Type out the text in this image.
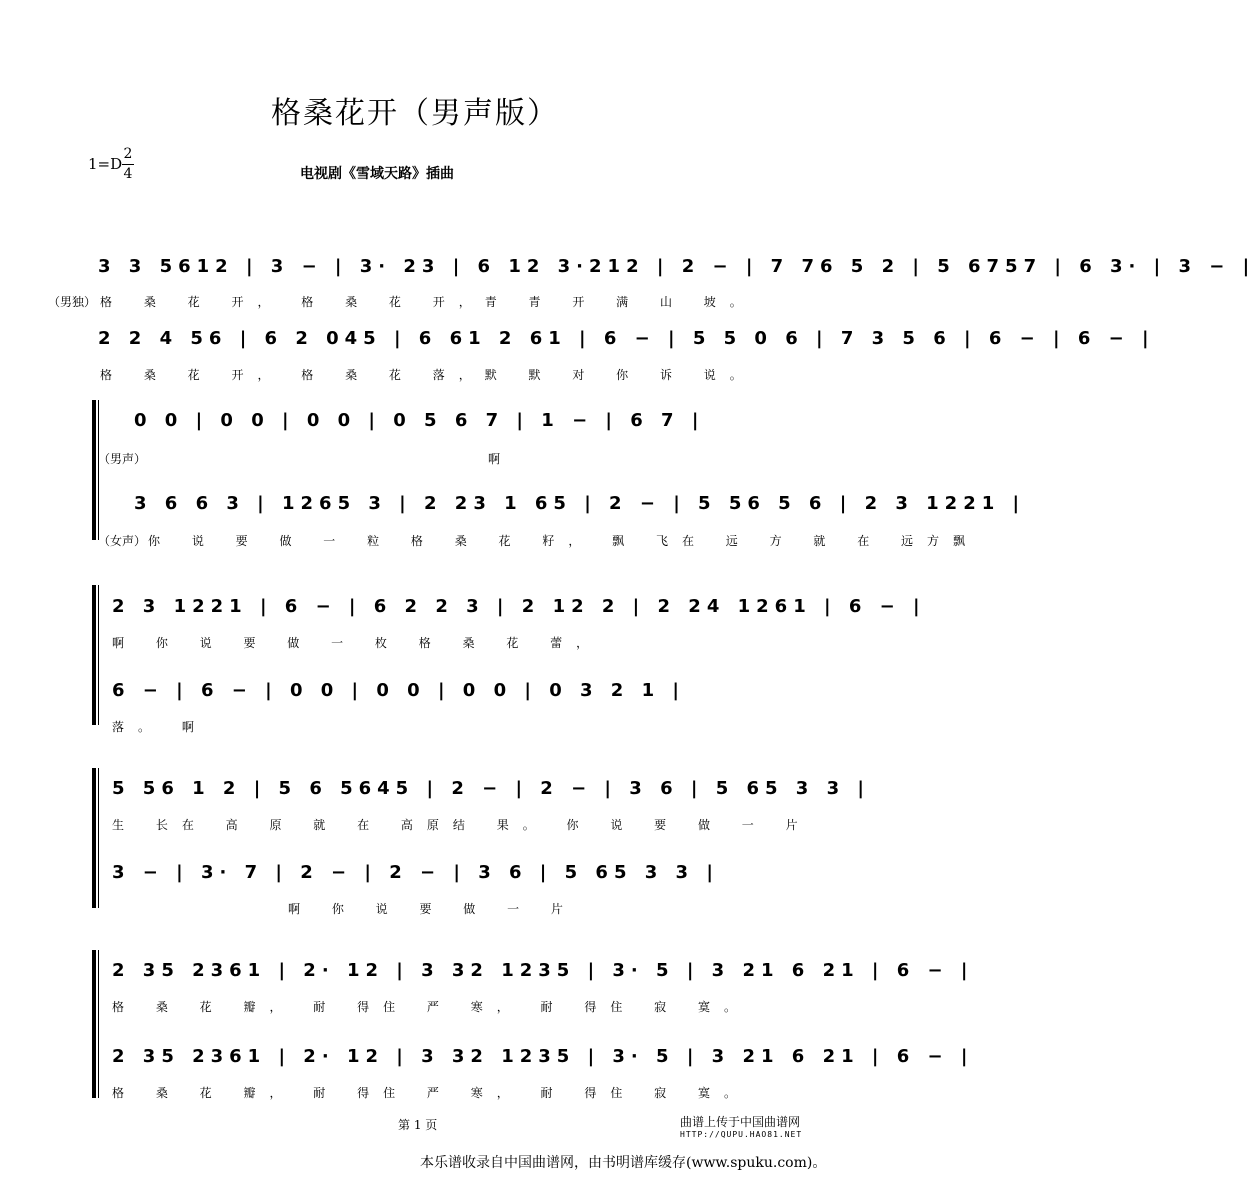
格桑花开（男声版）
1=D
2
4	电视剧《雪域天路》插曲
3 3 5612 | 3 − | 3· 23 | 6 12 3·212 | 2 − | 7 76 5 2 | 5 6757 | 6 3· | 3 − |
（男独） 格 桑 花 开， 格 桑 花 开，青 青 开 满 山 坡。
2 2 4 56 | 6 2 045 | 6 61 2 61 | 6 − | 5 5 0 6 | 7 3 5 6 | 6 − | 6 − |
格 桑 花 开， 格 桑 花 落，默 默 对 你 诉 说。
0 0 | 0 0 | 0 0 | 0 5 6 7 | 1 − | 6 7 |
（男声）	啊
3 6 6 3 | 1265 3 | 2 23 1 65 | 2 − | 5 56 5 6 | 2 3 1221 |
（女声） 你 说 要 做 一 粒 格 桑 花 籽， 飘 飞在 远 方 就 在 远方飘
2 3 1221 | 6 − | 6 2 2 3 | 2 12 2 | 2 24 1261 | 6 − |
啊 你 说 要 做 一 枚 格 桑 花 蕾，
6 − | 6 − | 0 0 | 0 0 | 0 0 | 0 3 2 1 |
落。 啊
5 56 1 2 | 5 6 5645 | 2 − | 2 − | 3 6 | 5 65 3 3 |
生 长在 高 原 就 在 高原结 果。 你 说 要 做 一 片
3 − | 3· 7 | 2 − | 2 − | 3 6 | 5 65 3 3 |
啊 你 说 要 做 一 片
2 35 2361 | 2· 12 | 3 32 1235 | 3· 5 | 3 21 6 21 | 6 − |
格 桑 花 瓣， 耐 得住 严 寒， 耐 得住 寂 寞。
2 35 2361 | 2· 12 | 3 32 1235 | 3· 5 | 3 21 6 21 | 6 − |
格 桑 花 瓣， 耐 得住 严 寒， 耐 得住 寂 寞。
第 1 页	曲谱上传于中国曲谱网
HTTP://QUPU.HAO81.NET
本乐谱收录自中国曲谱网，由书明谱库缓存(www.spuku.com)。
